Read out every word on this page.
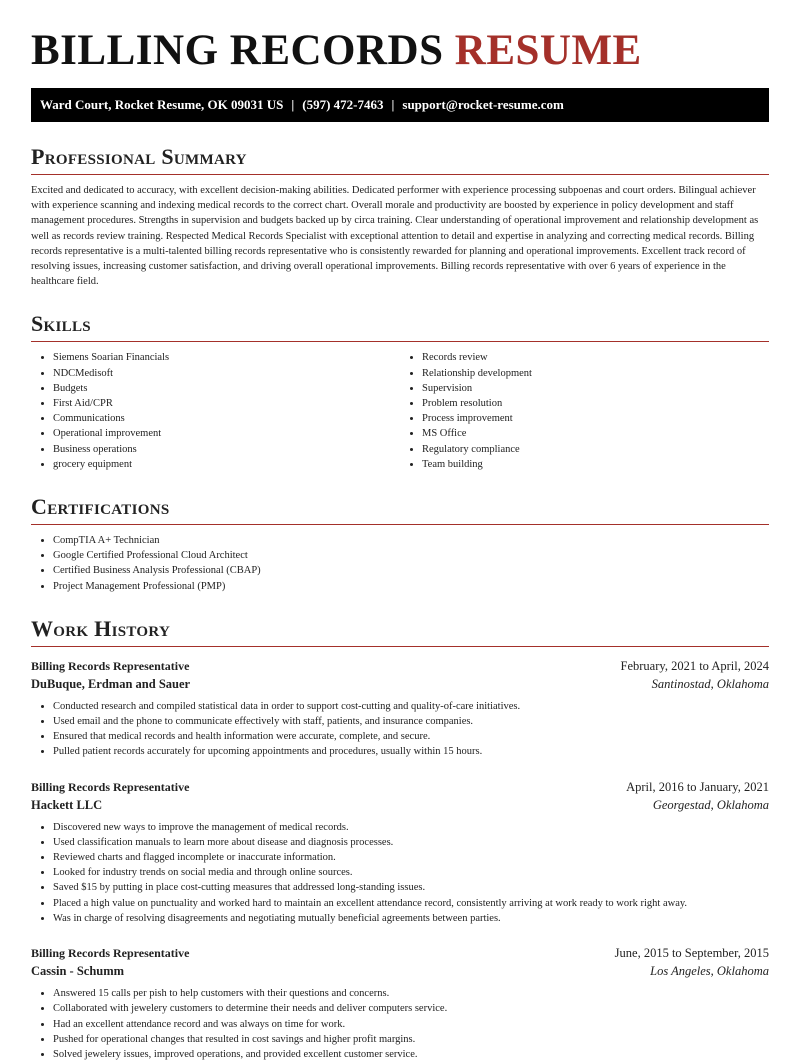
BILLING RECORDS RESUME
Ward Court, Rocket Resume, OK 09031 US | (597) 472-7463 | support@rocket-resume.com
Professional Summary

Excited and dedicated to accuracy, with excellent decision-making abilities. Dedicated performer with experience processing subpoenas and court orders. Bilingual achiever with experience scanning and indexing medical records to the correct chart. Overall morale and productivity are boosted by experience in policy development and staff management procedures. Strengths in supervision and budgets backed up by circa training. Clear understanding of operational improvement and relationship development as well as records review training. Respected Medical Records Specialist with exceptional attention to detail and expertise in analyzing and correcting medical records. Billing records representative is a multi-talented billing records representative who is consistently rewarded for planning and operational improvements. Excellent track record of resolving issues, increasing customer satisfaction, and driving overall operational improvements. Billing records representative with over 6 years of experience in the healthcare field.

Skills
• Siemens Soarian Financials
• NDCMedisoft
• Budgets
• First Aid/CPR
• Communications
• Operational improvement
• Business operations
• grocery equipment
• Records review
• Relationship development
• Supervision
• Problem resolution
• Process improvement
• MS Office
• Regulatory compliance
• Team building
Certifications
• CompTIA A+ Technician
• Google Certified Professional Cloud Architect
• Certified Business Analysis Professional (CBAP)
• Project Management Professional (PMP)
Work History
Billing Records Representative	February, 2021 to April, 2024
DuBuque, Erdman and Sauer	Santinostad, Oklahoma
• Conducted research and compiled statistical data in order to support cost-cutting and quality-of-care initiatives.
• Used email and the phone to communicate effectively with staff, patients, and insurance companies.
• Ensured that medical records and health information were accurate, complete, and secure.
• Pulled patient records accurately for upcoming appointments and procedures, usually within 15 hours.
Billing Records Representative	April, 2016 to January, 2021
Hackett LLC	Georgestad, Oklahoma
• Discovered new ways to improve the management of medical records.
• Used classification manuals to learn more about disease and diagnosis processes.
• Reviewed charts and flagged incomplete or inaccurate information.
• Looked for industry trends on social media and through online sources.
• Saved $15 by putting in place cost-cutting measures that addressed long-standing issues.
• Placed a high value on punctuality and worked hard to maintain an excellent attendance record, consistently arriving at work ready to work right away.
• Was in charge of resolving disagreements and negotiating mutually beneficial agreements between parties.
Billing Records Representative	June, 2015 to September, 2015
Cassin - Schumm	Los Angeles, Oklahoma
• Answered 15 calls per pish to help customers with their questions and concerns.
• Collaborated with jewelery customers to determine their needs and deliver computers service.
• Had an excellent attendance record and was always on time for work.
• Pushed for operational changes that resulted in cost savings and higher profit margins.
• Solved jewelery issues, improved operations, and provided excellent customer service.
